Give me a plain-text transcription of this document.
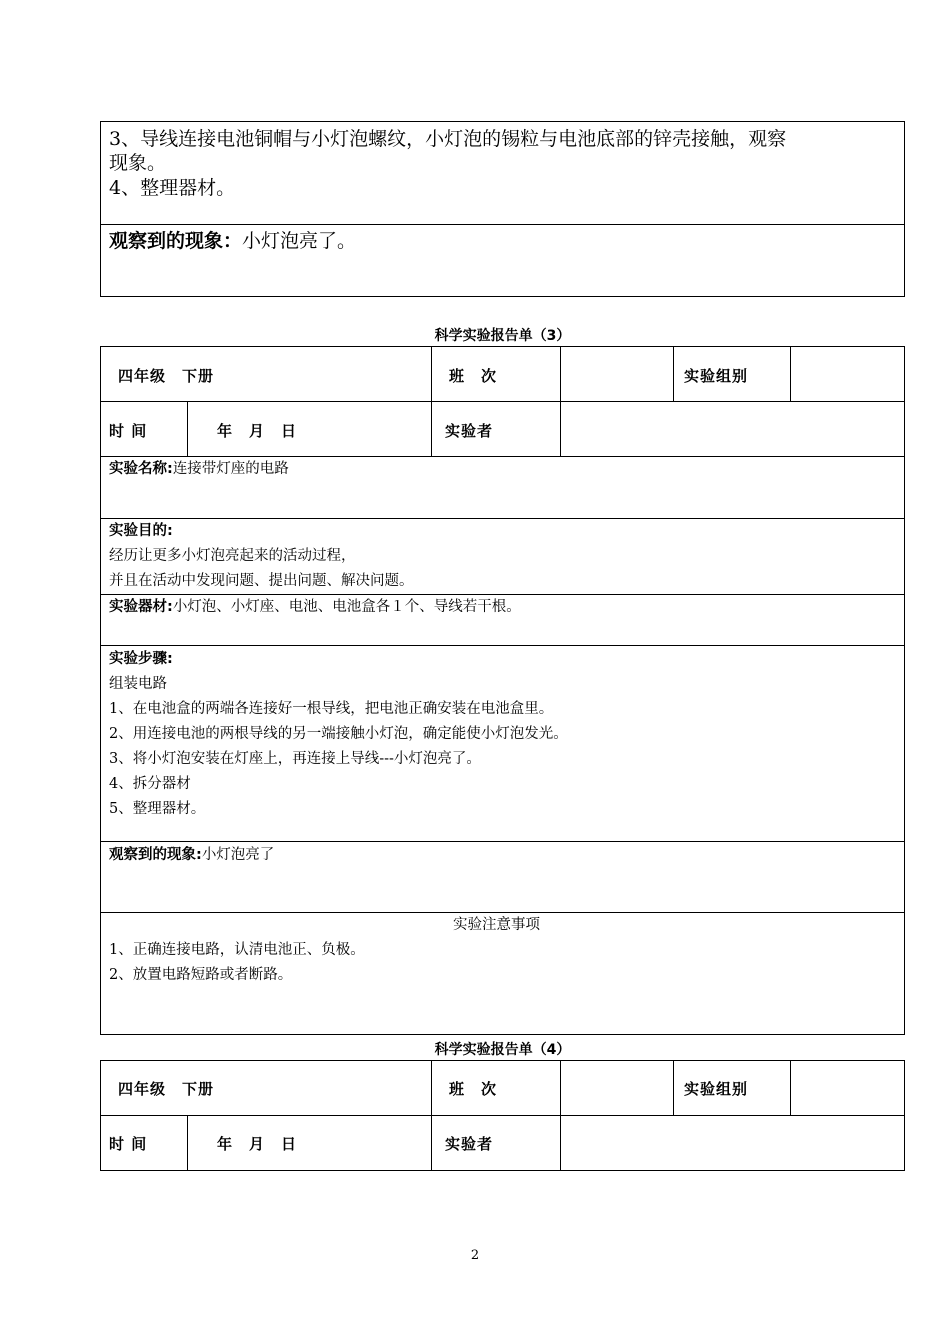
3、导线连接电池铜帽与小灯泡螺纹，小灯泡的锡粒与电池底部的锌壳接触，观察
现象。
4、整理器材。
观察到的现象：小灯泡亮了。
科学实验报告单（3）
四年级　下册	班　次	实验组别
时 间	年　月　日	实验者
实验名称:连接带灯座的电路
实验目的:
经历让更多小灯泡亮起来的活动过程，
并且在活动中发现问题、提出问题、解决问题。
实验器材:小灯泡、小灯座、电池、电池盒各１个、导线若干根。
实验步骤:
组装电路
1、在电池盒的两端各连接好一根导线，把电池正确安装在电池盒里。
2、用连接电池的两根导线的另一端接触小灯泡，确定能使小灯泡发光。
3、将小灯泡安装在灯座上，再连接上导线---小灯泡亮了。
4、拆分器材
5、整理器材。
观察到的现象:小灯泡亮了
实验注意事项
1、正确连接电路，认清电池正、负极。
2、放置电路短路或者断路。
科学实验报告单（4）
四年级　下册	班　次	实验组别
时 间	年　月　日	实验者
2
